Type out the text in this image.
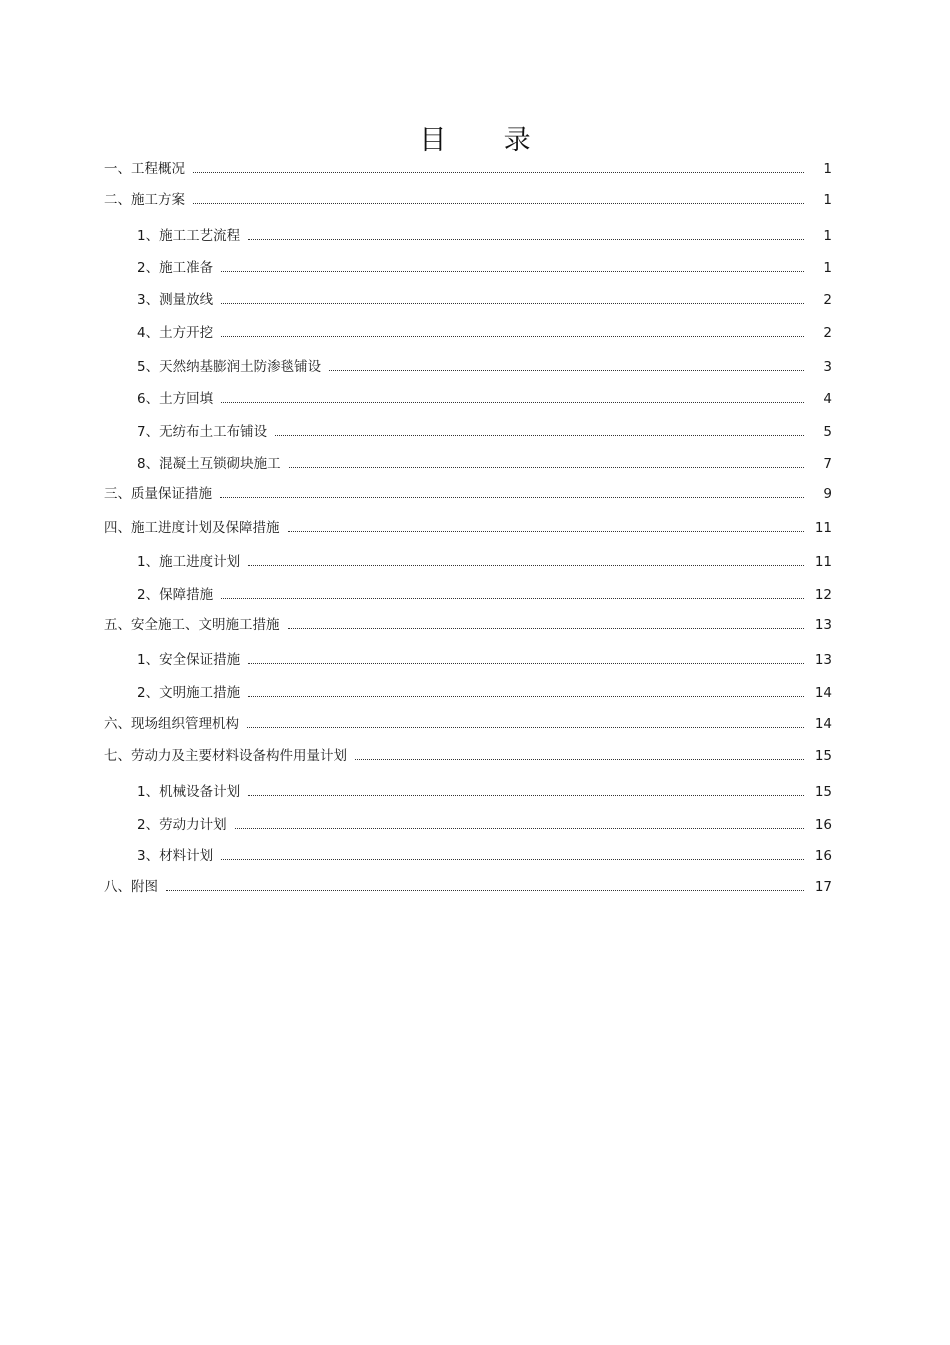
目 录
一、工程概况	1
二、施工方案	1
1、施工工艺流程	1
2、施工准备	1
3、测量放线	2
4、土方开挖	2
5、天然纳基膨润土防渗毯铺设	3
6、土方回填	4
7、无纺布土工布铺设	5
8、混凝土互锁砌块施工	7
三、质量保证措施	9
四、施工进度计划及保障措施	11
1、施工进度计划	11
2、保障措施	12
五、安全施工、文明施工措施	13
1、安全保证措施	13
2、文明施工措施	14
六、现场组织管理机构	14
七、劳动力及主要材料设备构件用量计划	15
1、机械设备计划	15
2、劳动力计划	16
3、材料计划	16
八、附图	17
